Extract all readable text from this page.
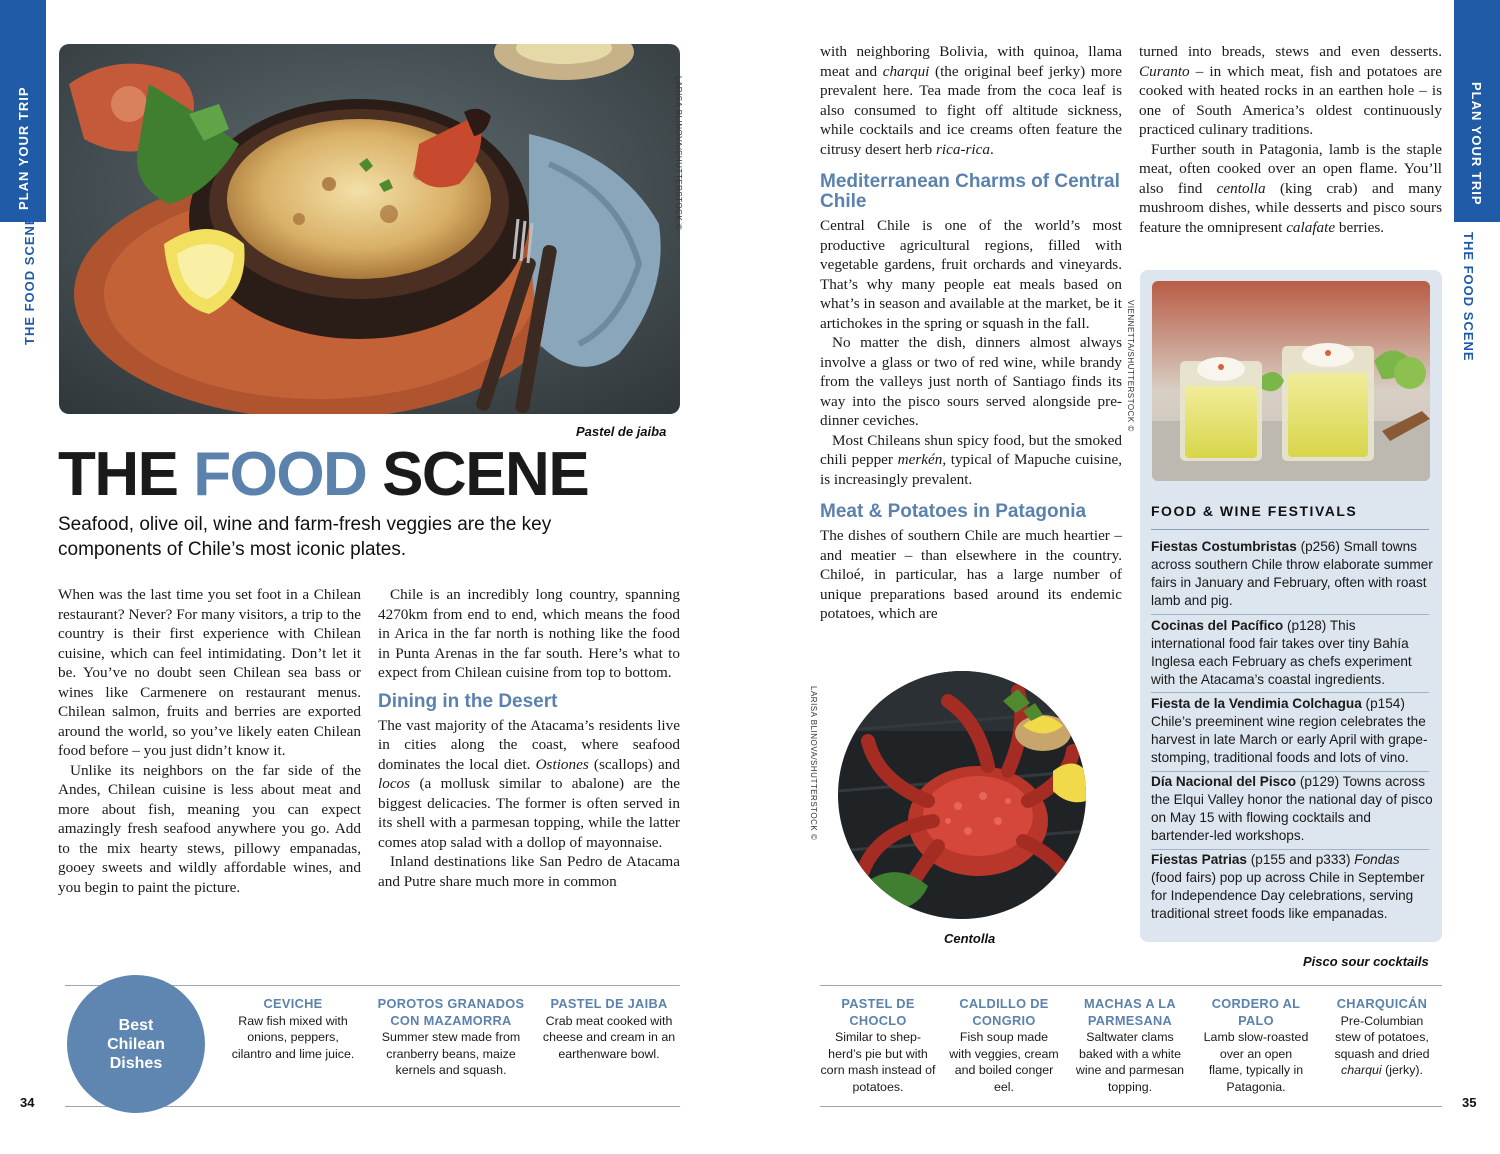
PLAN YOUR TRIP
THE FOOD SCENE
PLAN YOUR TRIP
THE FOOD SCENE
LARISA BLINOVA/SHUTTERSTOCK ©
Pastel de jaiba
THE FOOD SCENE
Seafood, olive oil, wine and farm-fresh veggies are the key components of Chile’s most iconic plates.

When was the last time you set foot in a Chilean restaurant? Never? For many visitors, a trip to the country is their first experience with Chilean cuisine, which can feel intimidating. Don’t let it be. You’ve no doubt seen Chilean sea bass or wines like Carmenere on restaurant menus. Chilean salmon, fruits and berries are exported around the world, so you’ve likely eaten Chilean food before – you just didn’t know it.

Unlike its neighbors on the far side of the Andes, Chilean cuisine is less about meat and more about fish, meaning you can expect amazingly fresh seafood anywhere you go. Add to the mix hearty stews, pillowy empanadas, gooey sweets and wildly affordable wines, and you begin to paint the picture.

Chile is an incredibly long country, spanning 4270km from end to end, which means the food in Arica in the far north is nothing like the food in Punta Arenas in the far south. Here’s what to expect from Chilean cuisine from top to bottom.

Dining in the Desert

The vast majority of the Atacama’s residents live in cities along the coast, where seafood dominates the local diet. Ostiones (scallops) and locos (a mollusk similar to abalone) are the biggest delicacies. The former is often served in its shell with a parmesan topping, while the latter comes atop salad with a dollop of mayonnaise.

Inland destinations like San Pedro de Atacama and Putre share much more in common

with neighboring Bolivia, with quinoa, llama meat and charqui (the original beef jerky) more prevalent here. Tea made from the coca leaf is also consumed to fight off altitude sickness, while cocktails and ice creams often feature the citrusy desert herb rica-rica.

Mediterranean Charms of Central Chile

Central Chile is one of the world’s most productive agricultural regions, filled with vegetable gardens, fruit orchards and vineyards. That’s why many people eat meals based on what’s in season and available at the market, be it artichokes in the spring or squash in the fall.

No matter the dish, dinners almost always involve a glass or two of red wine, while brandy from the valleys just north of Santiago finds its way into the pisco sours served alongside pre-dinner ceviches.

Most Chileans shun spicy food, but the smoked chili pepper merkén, typical of Mapuche cuisine, is increasingly prevalent.

Meat & Potatoes in Patagonia

The dishes of southern Chile are much heartier – and meatier – than elsewhere in the country. Chiloé, in particular, has a large number of unique preparations based around its endemic potatoes, which are

turned into breads, stews and even desserts. Curanto – in which meat, fish and potatoes are cooked with heated rocks in an earthen hole – is one of South America’s oldest continuously practiced culinary traditions.

Further south in Patagonia, lamb is the staple meat, often cooked over an open flame. You’ll also find centolla (king crab) and many mushroom dishes, while desserts and pisco sours feature the omnipresent calafate berries.

LARISA BLINOVA/SHUTTERSTOCK ©
Centolla
VIENNETTA/SHUTTERSTOCK ©
FOOD & WINE FESTIVALS
Fiestas Costumbristas (p256) Small towns across southern Chile throw elaborate summer fairs in January and February, often with roast lamb and pig.
Cocinas del Pacífico (p128) This international food fair takes over tiny Bahía Inglesa each February as chefs experiment with the Atacama’s coastal ingredients.
Fiesta de la Vendimia Colchagua (p154) Chile’s preeminent wine region celebrates the harvest in late March or early April with grape-stomping, traditional foods and lots of vino.
Día Nacional del Pisco (p129) Towns across the Elqui Valley honor the national day of pisco on May 15 with flowing cocktails and bartender-led workshops.
Fiestas Patrias (p155 and p333) Fondas (food fairs) pop up across Chile in September for Independence Day celebrations, serving traditional street foods like empanadas.
Pisco sour cocktails
Best
Chilean
Dishes
CEVICHE
Raw fish mixed with
onions, peppers,
cilantro and lime juice.
POROTOS GRANADOS
CON MAZAMORRA
Summer stew made from
cranberry beans, maize
kernels and squash.
PASTEL DE JAIBA
Crab meat cooked with
cheese and cream in an
earthenware bowl.
PASTEL DE
CHOCLO
Similar to shep-
herd’s pie but with
corn mash instead of
potatoes.
CALDILLO DE
CONGRIO
Fish soup made
with veggies, cream
and boiled conger
eel.
MACHAS A LA
PARMESANA
Saltwater clams
baked with a white
wine and parmesan
topping.
CORDERO AL
PALO
Lamb slow-roasted
over an open
flame, typically in
Patagonia.
CHARQUICÁN
Pre-Columbian
stew of potatoes,
squash and dried
charqui (jerky).
34	35
